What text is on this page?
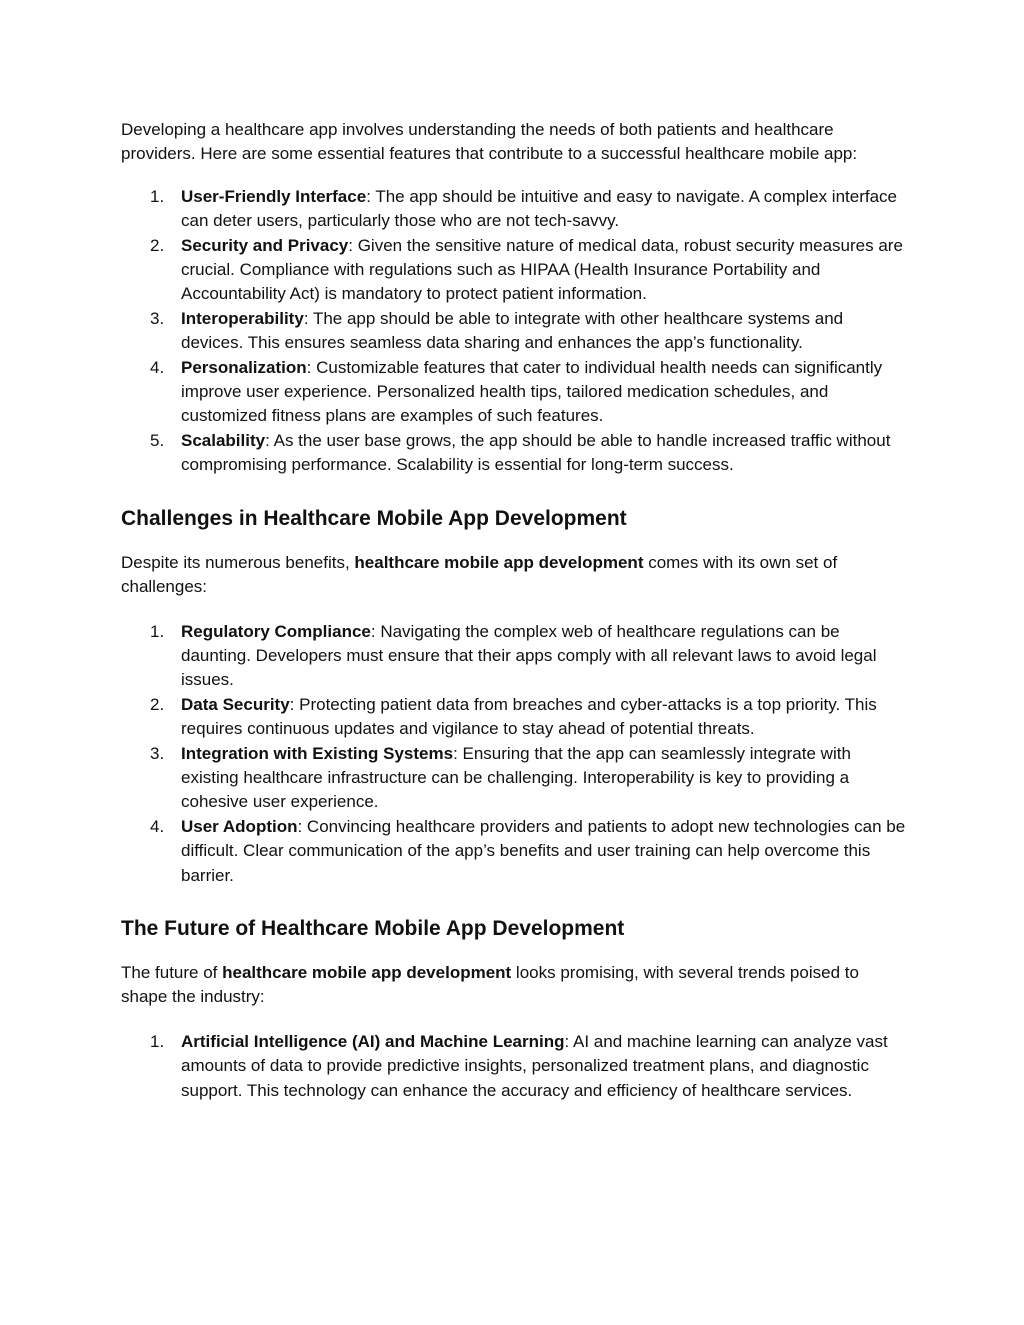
Developing a healthcare app involves understanding the needs of both patients and healthcare providers. Here are some essential features that contribute to a successful healthcare mobile app:

1. User-Friendly Interface: The app should be intuitive and easy to navigate. A complex interface can deter users, particularly those who are not tech-savvy.
2. Security and Privacy: Given the sensitive nature of medical data, robust security measures are crucial. Compliance with regulations such as HIPAA (Health Insurance Portability and Accountability Act) is mandatory to protect patient information.
3. Interoperability: The app should be able to integrate with other healthcare systems and devices. This ensures seamless data sharing and enhances the app’s functionality.
4. Personalization: Customizable features that cater to individual health needs can significantly improve user experience. Personalized health tips, tailored medication schedules, and customized fitness plans are examples of such features.
5. Scalability: As the user base grows, the app should be able to handle increased traffic without compromising performance. Scalability is essential for long-term success.
Challenges in Healthcare Mobile App Development

Despite its numerous benefits, healthcare mobile app development comes with its own set of challenges:

1. Regulatory Compliance: Navigating the complex web of healthcare regulations can be daunting. Developers must ensure that their apps comply with all relevant laws to avoid legal issues.
2. Data Security: Protecting patient data from breaches and cyber-attacks is a top priority. This requires continuous updates and vigilance to stay ahead of potential threats.
3. Integration with Existing Systems: Ensuring that the app can seamlessly integrate with existing healthcare infrastructure can be challenging. Interoperability is key to providing a cohesive user experience.
4. User Adoption: Convincing healthcare providers and patients to adopt new technologies can be difficult. Clear communication of the app’s benefits and user training can help overcome this barrier.
The Future of Healthcare Mobile App Development

The future of healthcare mobile app development looks promising, with several trends poised to shape the industry:

1. Artificial Intelligence (AI) and Machine Learning: AI and machine learning can analyze vast amounts of data to provide predictive insights, personalized treatment plans, and diagnostic support. This technology can enhance the accuracy and efficiency of healthcare services.
